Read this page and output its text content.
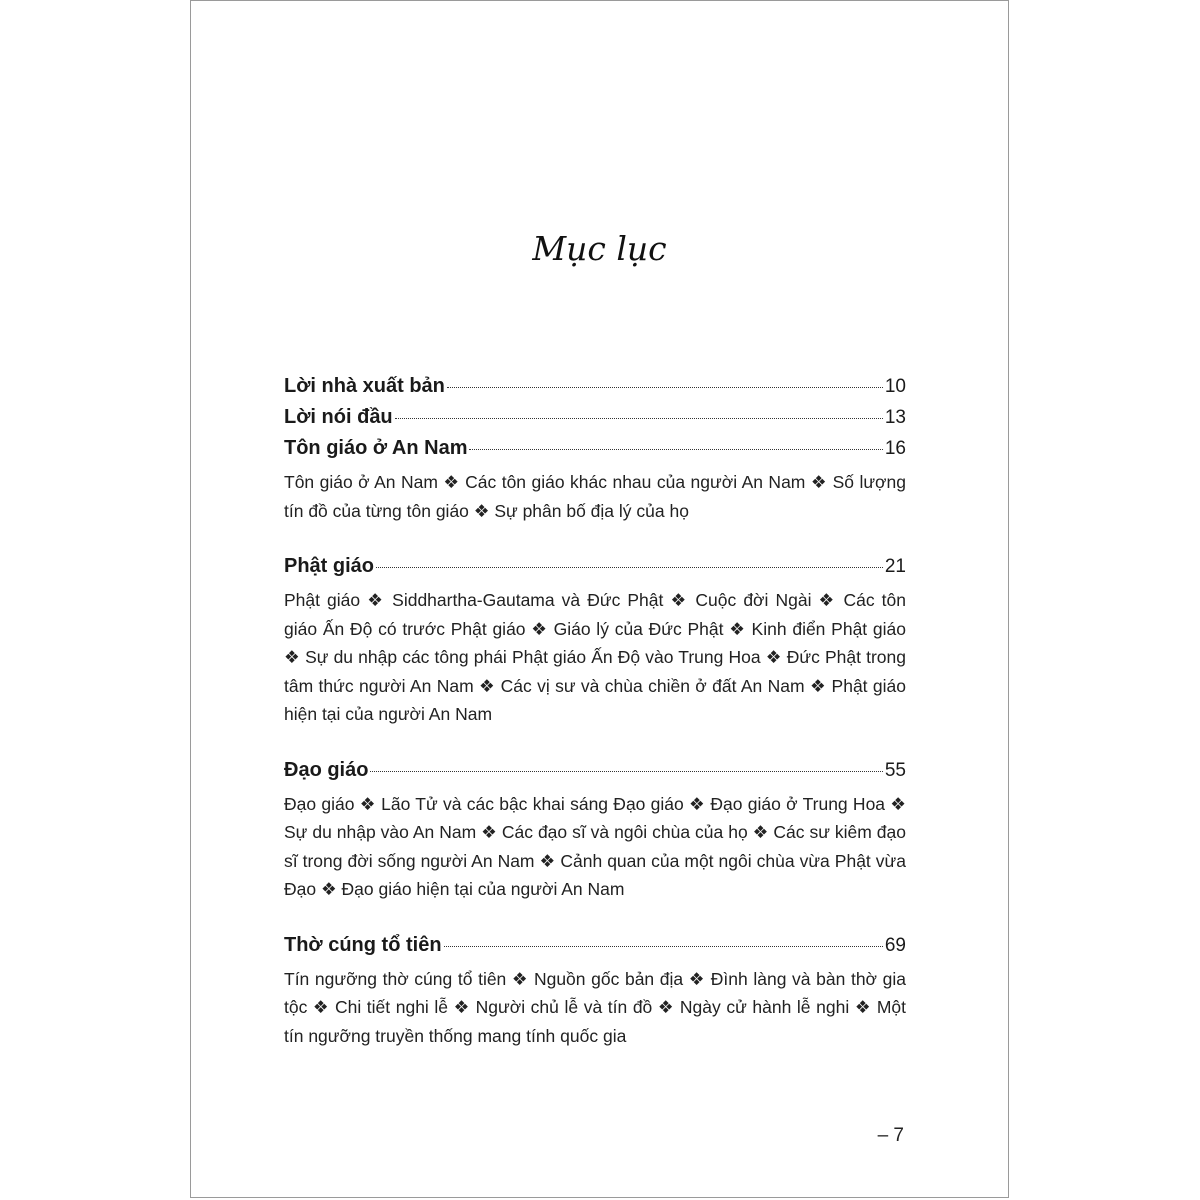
Mục lục
Lời nhà xuất bản	10
Lời nói đầu	13
Tôn giáo ở An Nam	16
Tôn giáo ở An Nam ❖ Các tôn giáo khác nhau của người An Nam ❖ Số lượng tín đồ của từng tôn giáo ❖ Sự phân bố địa lý của họ
Phật giáo	21
Phật giáo ❖ Siddhartha-Gautama và Đức Phật ❖ Cuộc đời Ngài ❖ Các tôn giáo Ấn Độ có trước Phật giáo ❖ Giáo lý của Đức Phật ❖ Kinh điển Phật giáo ❖ Sự du nhập các tông phái Phật giáo Ấn Độ vào Trung Hoa ❖ Đức Phật trong tâm thức người An Nam ❖ Các vị sư và chùa chiền ở đất An Nam ❖ Phật giáo hiện tại của người An Nam
Đạo giáo	55
Đạo giáo ❖ Lão Tử và các bậc khai sáng Đạo giáo ❖ Đạo giáo ở Trung Hoa ❖ Sự du nhập vào An Nam ❖ Các đạo sĩ và ngôi chùa của họ ❖ Các sư kiêm đạo sĩ trong đời sống người An Nam ❖ Cảnh quan của một ngôi chùa vừa Phật vừa Đạo ❖ Đạo giáo hiện tại của người An Nam
Thờ cúng tổ tiên	69
Tín ngưỡng thờ cúng tổ tiên ❖ Nguồn gốc bản địa ❖ Đình làng và bàn thờ gia tộc ❖ Chi tiết nghi lễ ❖ Người chủ lễ và tín đồ ❖ Ngày cử hành lễ nghi ❖ Một tín ngưỡng truyền thống mang tính quốc gia
– 7
